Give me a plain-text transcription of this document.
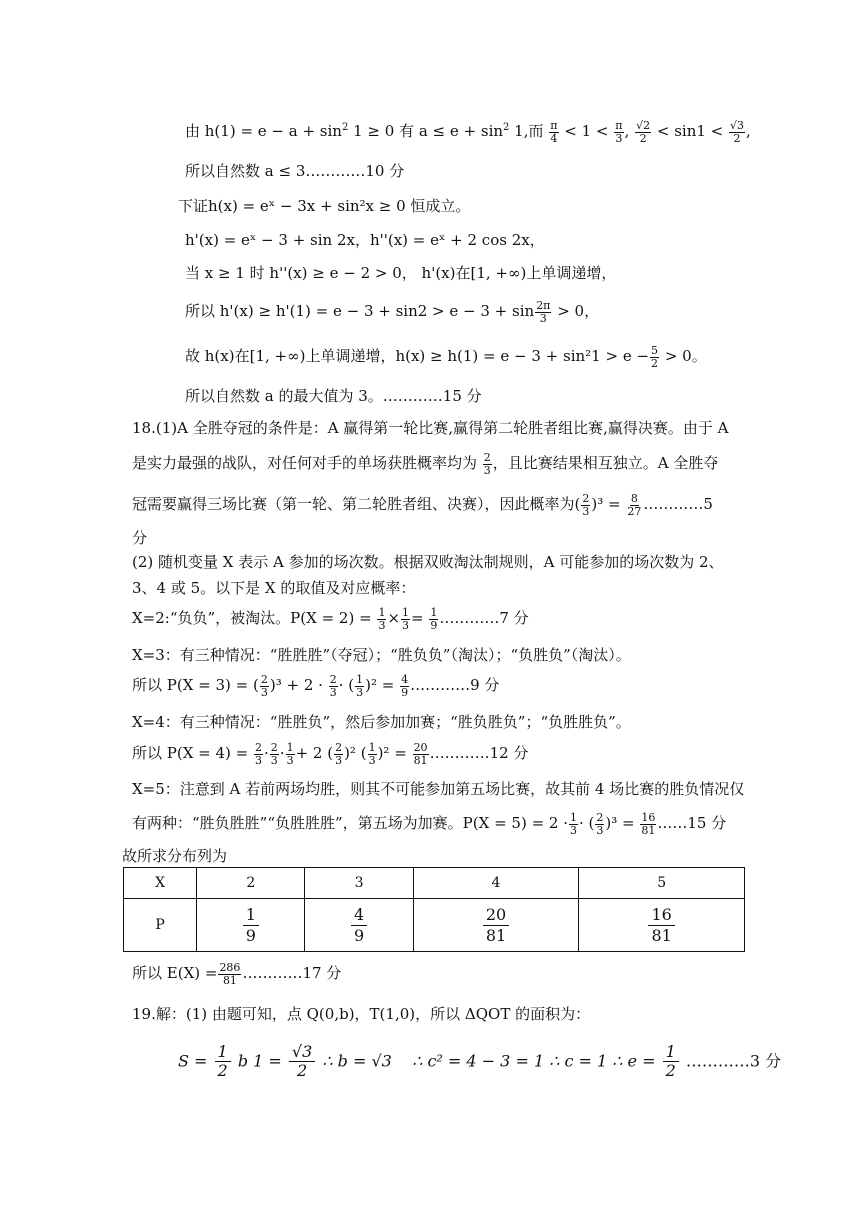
由 $h(1) = e - a + \sin^2 1 \ge 0$ 有 $a \le e + \sin^2 1$,而 $\frac{\pi}{4} < 1 < \frac{\pi}{3}$ , $\frac{√2}{2} < \sin 1 < \frac{√3}{2}$ ,
所以自然数 a ≤ 3…………10 分
下证h(x) = eˣ − 3x + sin²x ≥ 0 恒成立。
h'(x) = eˣ − 3 + sin 2x，h''(x) = eˣ + 2 cos 2x，
当 x ≥ 1 时 h''(x) ≥ e − 2 > 0， h'(x)在[1, +∞)上单调递增，
所以 $h'(x) \ge h'(1) = e - 3 + \sin 2 > e - 3 + \sin \frac{2\pi}{3} > 0$，
故 h(x)在[1, +∞)上单调递增，$h(x) \ge h(1) = e - 3 + \sin^21 > e - \frac{5}{2} > 0$。
所以自然数 a 的最大值为 3。…………15 分
18.(1)A 全胜夺冠的条件是：A 赢得第一轮比赛,赢得第二轮胜者组比赛,赢得决赛。由于 A
是实力最强的战队，对任何对手的单场获胜概率均为 $\frac{2}{3}$ ，且比赛结果相互独立。A 全胜夺
冠需要赢得三场比赛（第一轮、第二轮胜者组、决赛），因此概率为( $\frac{2}{3} )^3 = \frac{8}{27}$ …………5
分
(2) 随机变量 X 表示 A 参加的场次数。根据双败淘汰制规则，A 可能参加的场次数为 2、
3、4 或 5。以下是 X 的取值及对应概率：
X=2:“负负”，被淘汰。$P(X = 2) = \frac{1}{3} \times \frac{1}{3} = \frac{1}{9}$ …………7 分
X=3：有三种情况：“胜胜胜”（夺冠）；“胜负负”（淘汰）；“负胜负”（淘汰）。
所以 P(X = 3) = ( $\frac{2}{3} )^3 + 2 \cdot \frac{2}{3}$ · ( $\frac{1}{3} )^2 = \frac{4}{9}$ …………9 分
X=4：有三种情况：“胜胜负”，然后参加加赛；“胜负胜负”；“负胜胜负”。
所以 $P(X = 4) = \frac{2}{3} \cdot \frac{2}{3} \cdot \frac{1}{3} + 2$ ( $\frac{2}{3} )^2$ ( $\frac{1}{3} )^2 = \frac{20}{81}$ …………12 分
X=5：注意到 A 若前两场均胜，则其不可能参加第五场比赛，故其前 4 场比赛的胜负情况仅
有两种：“胜负胜胜”“负胜胜胜”，第五场为加赛。$P(X = 5) = 2 \cdot \frac{1}{3}$ · ( $\frac{2}{3} )^3 = \frac{16}{81}$ ……15 分
故所求分布列为
X	2	3	4	5
P	$\frac{1}{9}$	$\frac{4}{9}$	$\frac{20}{81}$	$\frac{16}{81}$
所以 $E(X) = \frac{286}{81}$ …………17 分
19.解：(1) 由题可知，点 Q(0,b)，T(1,0)，所以 ΔQOT 的面积为：
$S = \frac{1}{2}$ b $1 = \frac{√3}{2}$ ∴ b = √3 ∴ c² = 4 − 3 = 1 ∴ c = 1 ∴ $e = \frac{1}{2}$ …………3 分
